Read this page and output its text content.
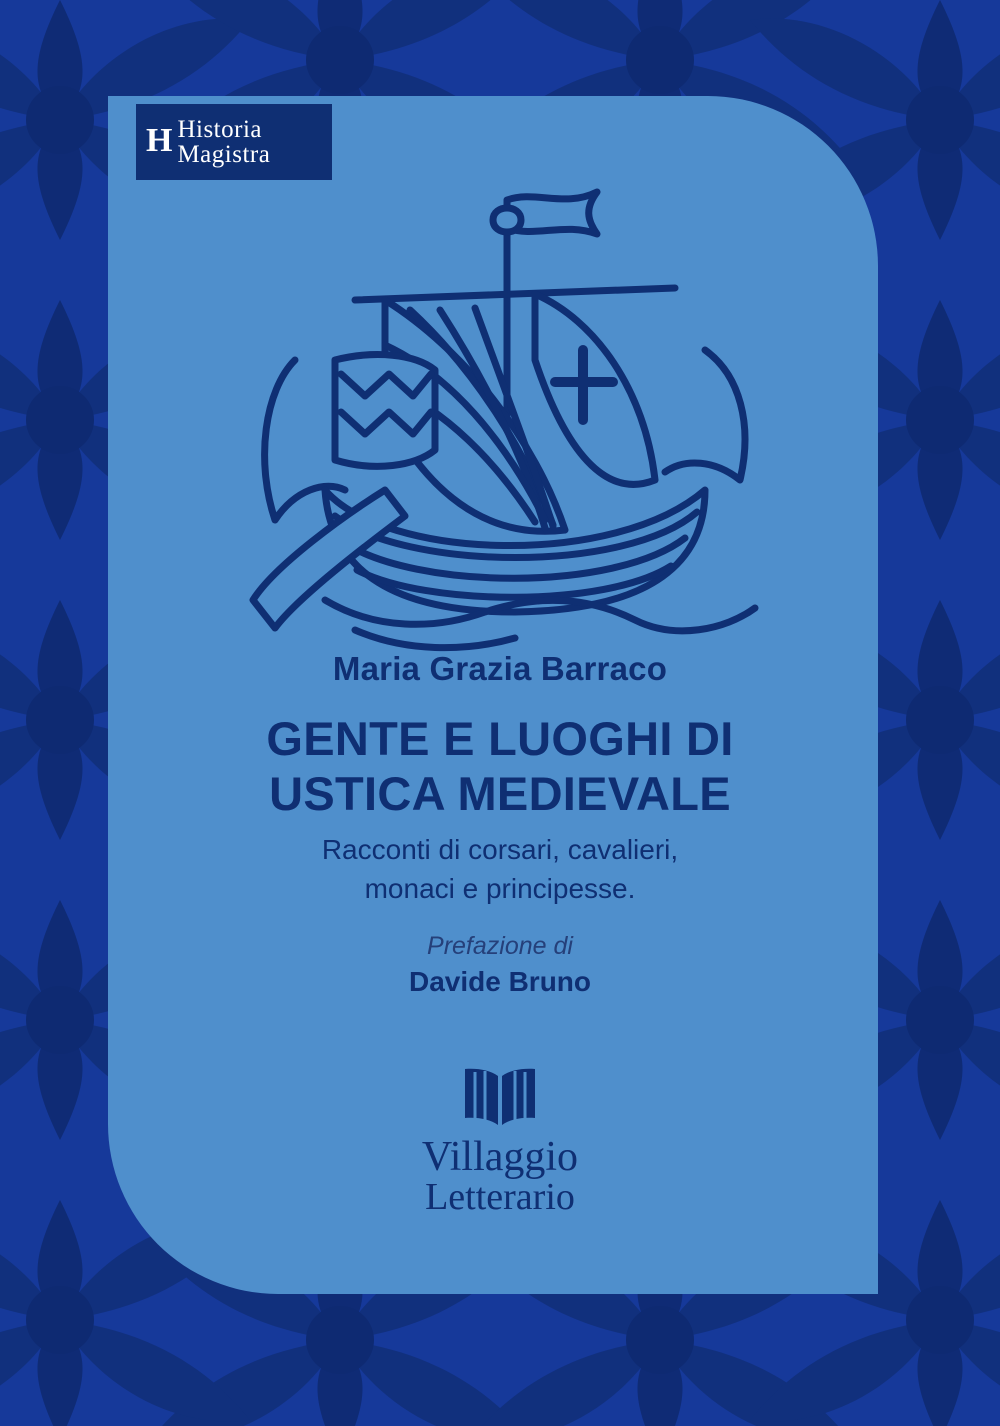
H Historia
Magistra
Maria Grazia Barraco
GENTE E LUOGHI DI
USTICA MEDIEVALE
Racconti di corsari, cavalieri,
monaci e principesse.
Prefazione di
Davide Bruno
Villaggio
Letterario
